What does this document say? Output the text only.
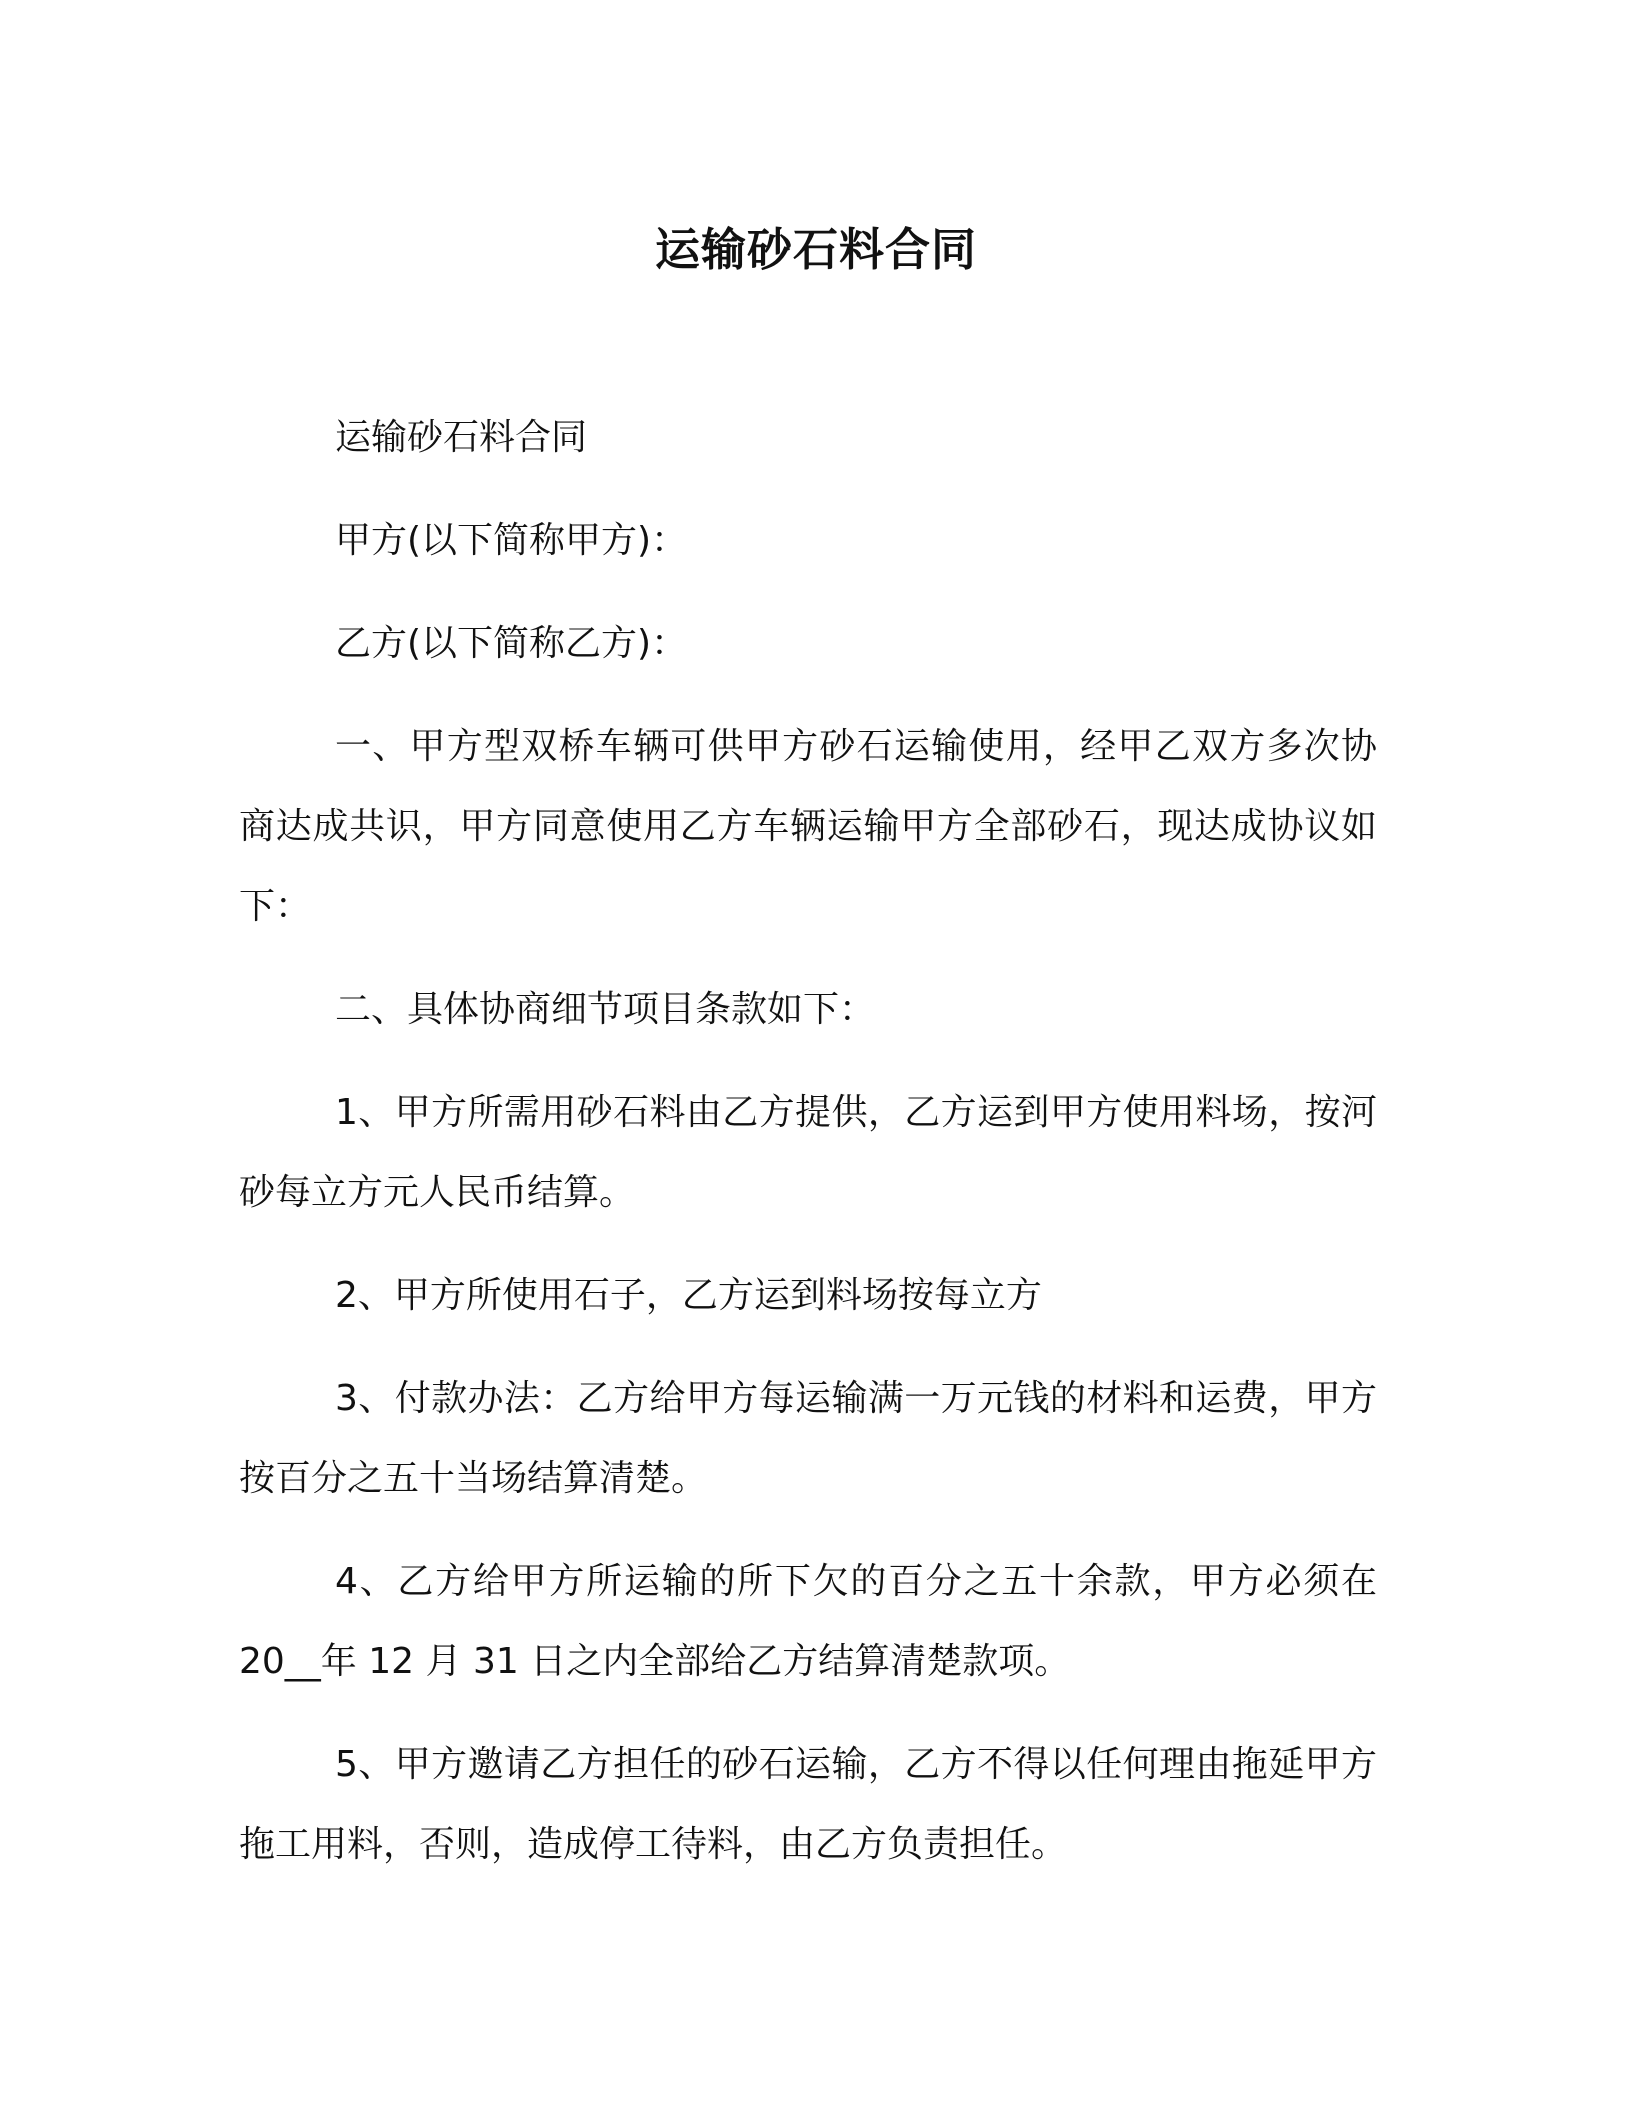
运输砂石料合同

运输砂石料合同

甲方(以下简称甲方)：

乙方(以下简称乙方)：

一、甲方型双桥车辆可供甲方砂石运输使用，经甲乙双方多次协商达成共识，甲方同意使用乙方车辆运输甲方全部砂石，现达成协议如下：

二、具体协商细节项目条款如下：

1、甲方所需用砂石料由乙方提供，乙方运到甲方使用料场，按河砂每立方元人民币结算。

2、甲方所使用石子，乙方运到料场按每立方

3、付款办法：乙方给甲方每运输满一万元钱的材料和运费，甲方按百分之五十当场结算清楚。

4、乙方给甲方所运输的所下欠的百分之五十余款，甲方必须在20__年 12 月 31 日之内全部给乙方结算清楚款项。

5、甲方邀请乙方担任的砂石运输，乙方不得以任何理由拖延甲方拖工用料，否则，造成停工待料，由乙方负责担任。
